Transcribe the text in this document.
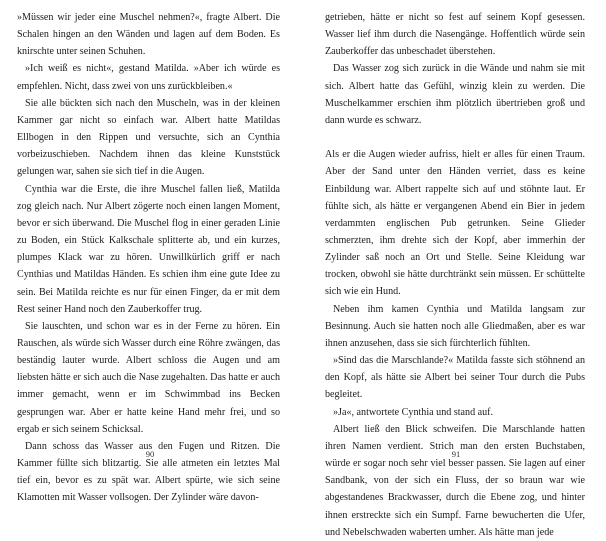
»Müssen wir jeder eine Muschel nehmen?«, fragte Albert. Die Schalen hingen an den Wänden und lagen auf dem Boden. Es knirschte unter seinen Schuhen.

»Ich weiß es nicht«, gestand Matilda. »Aber ich würde es empfehlen. Nicht, dass zwei von uns zurückbleiben.«

Sie alle bückten sich nach den Muscheln, was in der kleinen Kammer gar nicht so einfach war. Albert hatte Matildas Ellbogen in den Rippen und versuchte, sich an Cynthia vorbeizuschieben. Nachdem ihnen das kleine Kunststück gelungen war, sahen sie sich tief in die Augen.

Cynthia war die Erste, die ihre Muschel fallen ließ, Matilda zog gleich nach. Nur Albert zögerte noch einen langen Moment, bevor er sich überwand. Die Muschel flog in einer geraden Linie zu Boden, ein Stück Kalkschale splitterte ab, und ein kurzes, plumpes Klack war zu hören. Unwillkürlich griff er nach Cynthias und Matildas Händen. Es schien ihm eine gute Idee zu sein. Bei Matilda reichte es nur für einen Finger, da er mit dem Rest seiner Hand noch den Zauberkoffer trug.

Sie lauschten, und schon war es in der Ferne zu hören. Ein Rauschen, als würde sich Wasser durch eine Röhre zwängen, das beständig lauter wurde. Albert schloss die Augen und am liebsten hätte er sich auch die Nase zugehalten. Das hatte er auch immer gemacht, wenn er im Schwimmbad ins Becken gesprungen war. Aber er hatte keine Hand mehr frei, und so ergab er sich seinem Schicksal.

Dann schoss das Wasser aus den Fugen und Ritzen. Die Kammer füllte sich blitzartig. Sie alle atmeten ein letztes Mal tief ein, bevor es zu spät war. Albert spürte, wie sich seine Klamotten mit Wasser vollsogen. Der Zylinder wäre davon-

90

getrieben, hätte er nicht so fest auf seinem Kopf gesessen. Wasser lief ihm durch die Nasengänge. Hoffentlich würde sein Zauberkoffer das unbeschadet überstehen.

Das Wasser zog sich zurück in die Wände und nahm sie mit sich. Albert hatte das Gefühl, winzig klein zu werden. Die Muschelkammer erschien ihm plötzlich übertrieben groß und dann wurde es schwarz.

Als er die Augen wieder aufriss, hielt er alles für einen Traum. Aber der Sand unter den Händen verriet, dass es keine Einbildung war. Albert rappelte sich auf und stöhnte laut. Er fühlte sich, als hätte er vergangenen Abend ein Bier in jedem verdammten englischen Pub getrunken. Seine Glieder schmerzten, ihm drehte sich der Kopf, aber immerhin der Zylinder saß noch an Ort und Stelle. Seine Kleidung war trocken, obwohl sie hätte durchtränkt sein müssen. Er schüttelte sich wie ein Hund.

Neben ihm kamen Cynthia und Matilda langsam zur Besinnung. Auch sie hatten noch alle Gliedmaßen, aber es war ihnen anzusehen, dass sie sich fürchterlich fühlten.

»Sind das die Marschlande?« Matilda fasste sich stöhnend an den Kopf, als hätte sie Albert bei seiner Tour durch die Pubs begleitet.

»Ja«, antwortete Cynthia und stand auf.

Albert ließ den Blick schweifen. Die Marschlande hatten ihren Namen verdient. Strich man den ersten Buchstaben, würde er sogar noch sehr viel besser passen. Sie lagen auf einer Sandbank, von der sich ein Fluss, der so braun war wie abgestandenes Brackwasser, durch die Ebene zog, und hinter ihnen erstreckte sich ein Sumpf. Farne bewucherten die Ufer, und Nebelschwaden waberten umher. Als hätte man jede

91
